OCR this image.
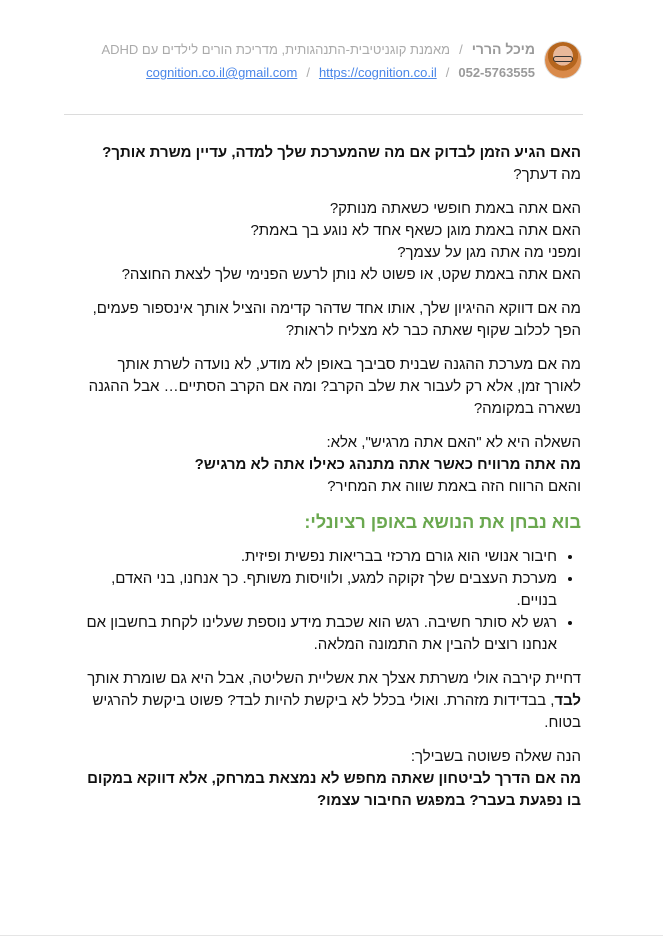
מיכל הררי/מאמנת קוגניטיבית-התנהגותית, מדריכת הורים לילדים עם ADHD
052-5763555/cognition.co.il@gmail.com / https://cognition.co.il

האם הגיע הזמן לבדוק אם מה שהמערכת שלך למדה, עדיין משרת אותך?
מה דעתך?

האם אתה באמת חופשי כשאתה מנותק?
האם אתה באמת מוגן כשאף אחד לא נוגע בך באמת?
ומפני מה אתה מגן על עצמך?
האם אתה באמת שקט, או פשוט לא נותן לרעש הפנימי שלך לצאת החוצה?

מה אם דווקא ההיגיון שלך, אותו אחד שדהר קדימה והציל אותך אינספור פעמים, הפך לכלוב שקוף שאתה כבר לא מצליח לראות?

מה אם מערכת ההגנה שבנית סביבך באופן לא מודע, לא נועדה לשרת אותך לאורך זמן, אלא רק לעבור את שלב הקרב? ומה אם הקרב הסתיים… אבל ההגנה נשארה במקומה?

השאלה היא לא "האם אתה מרגיש", אלא:
מה אתה מרוויח כאשר אתה מתנהג כאילו אתה לא מרגיש?
והאם הרווח הזה באמת שווה את המחיר?

בוא נבחן את הנושא באופן רציונלי:
• חיבור אנושי הוא גורם מרכזי בבריאות נפשית ופיזית.
• מערכת העצבים שלך זקוקה למגע, ולוויסות משותף. כך אנחנו, בני האדם, בנויים.
• רגש לא סותר חשיבה. רגש הוא שכבת מידע נוספת שעלינו לקחת בחשבון אם אנחנו רוצים להבין את התמונה המלאה.

דחיית קירבה אולי משרתת אצלך את אשליית השליטה, אבל היא גם שומרת אותך לבד, בבדידות מזהרת. ואולי בכלל לא ביקשת להיות לבד? פשוט ביקשת להרגיש בטוח.

הנה שאלה פשוטה בשבילך:
מה אם הדרך לביטחון שאתה מחפש לא נמצאת במרחק, אלא דווקא במקום בו נפגעת בעבר? במפגש החיבור עצמו?
